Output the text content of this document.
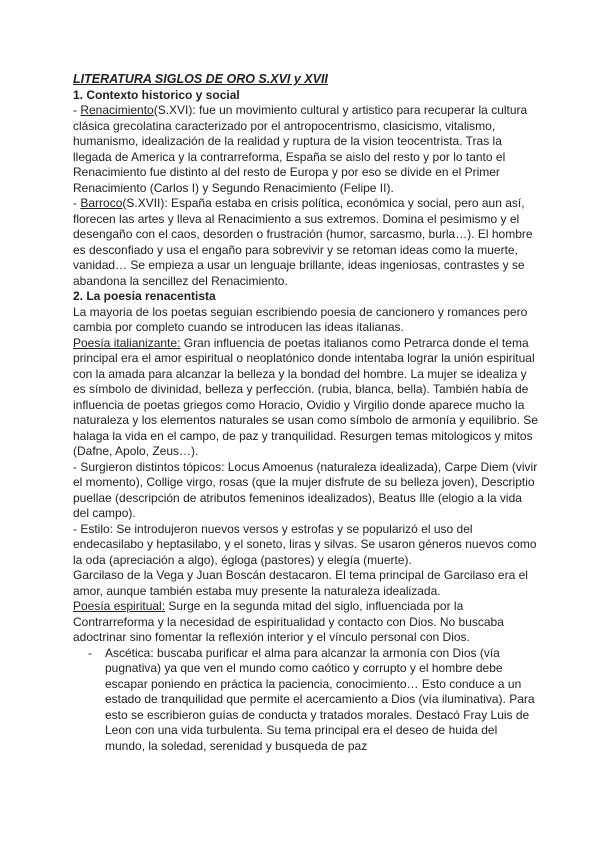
LITERATURA SIGLOS DE ORO S.XVI y XVII

1. Contexto historico y social

- Renacimiento(S.XVI): fue un movimiento cultural y artistico para recuperar la cultura clásica grecolatina caracterizado por el antropocentrismo, clasicismo, vitalismo, humanismo, idealización de la realidad y ruptura de la vision teocentrista. Tras la llegada de America y la contrarreforma, España se aislo del resto y por lo tanto el Renacimiento fue distinto al del resto de Europa y por eso se divide en el Primer Renacimiento (Carlos I) y Segundo Renacimiento (Felipe II).

- Barroco(S.XVII): España estaba en crisis política, económica y social, pero aun así, florecen las artes y lleva al Renacimiento a sus extremos. Domina el pesimismo y el desengaño con el caos, desorden o frustración (humor, sarcasmo, burla…). El hombre es desconfiado y usa el engaño para sobrevivir y se retoman ideas como la muerte, vanidad… Se empieza a usar un lenguaje brillante, ideas ingeniosas, contrastes y se abandona la sencillez del Renacimiento.

2. La poesia renacentista

La mayoria de los poetas seguian escribiendo poesia de cancionero y romances pero cambia por completo cuando se introducen las ideas italianas.

Poesía italianizante: Gran influencia de poetas italianos como Petrarca donde el tema principal era el amor espiritual o neoplatónico donde intentaba lograr la unión espiritual con la amada para alcanzar la belleza y la bondad del hombre. La mujer se idealiza y es símbolo de divinidad, belleza y perfección. (rubia, blanca, bella). También había de influencia de poetas griegos como Horacio, Ovidio y Virgilio donde aparece mucho la naturaleza y los elementos naturales se usan como símbolo de armonía y equilibrio. Se halaga la vida en el campo, de paz y tranquilidad. Resurgen temas mitologicos y mitos (Dafne, Apolo, Zeus…).

- Surgieron distintos tópicos: Locus Amoenus (naturaleza idealizada), Carpe Diem (vivir el momento), Collige virgo, rosas (que la mujer disfrute de su belleza joven), Descriptio puellae (descripción de atributos femeninos idealizados), Beatus Ille (elogio a la vida del campo).

- Estilo: Se introdujeron nuevos versos y estrofas y se popularizó el uso del endecasilabo y heptasilabo, y el soneto, liras y silvas. Se usaron géneros nuevos como la oda (apreciación a algo), égloga (pastores) y elegía (muerte).

Garcilaso de la Vega y Juan Boscán destacaron. El tema principal de Garcilaso era el amor, aunque también estaba muy presente la naturaleza idealizada.

Poesía espiritual: Surge en la segunda mitad del siglo, influenciada por la Contrarreforma y la necesidad de espiritualidad y contacto con Dios. No buscaba adoctrinar sino fomentar la reflexión interior y el vínculo personal con Dios.

- Ascética: buscaba purificar el alma para alcanzar la armonía con Dios (vía pugnativa) ya que ven el mundo como caótico y corrupto y el hombre debe escapar poniendo en práctica la paciencia, conocimiento… Esto conduce a un estado de tranquilidad que permite el acercamiento a Dios (vía iluminativa). Para esto se escribieron guías de conducta y tratados morales. Destacó Fray Luis de Leon con una vida turbulenta. Su tema principal era el deseo de huida del mundo, la soledad, serenidad y busqueda de paz
